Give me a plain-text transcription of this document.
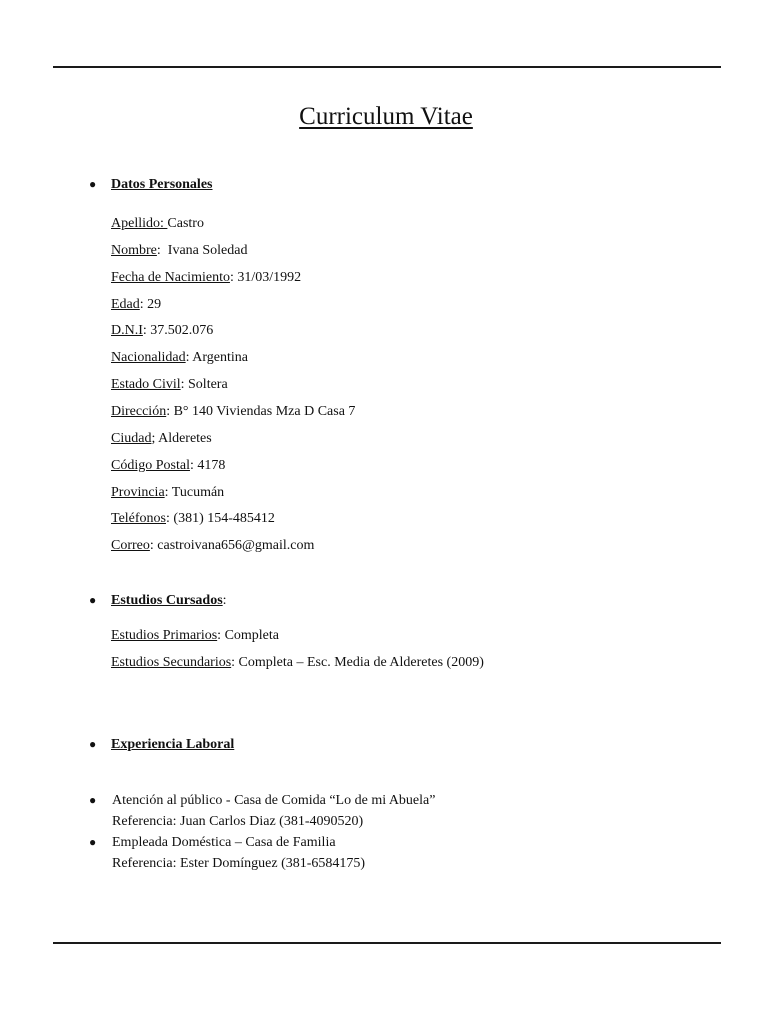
Curriculum Vitae
● Datos Personales
Apellido: Castro
Nombre:  Ivana Soledad
Fecha de Nacimiento: 31/03/1992
Edad: 29
D.N.I: 37.502.076
Nacionalidad: Argentina
Estado Civil: Soltera
Dirección: B° 140 Viviendas Mza D Casa 7
Ciudad; Alderetes
Código Postal: 4178
Provincia: Tucumán
Teléfonos: (381) 154-485412
Correo: castroivana656@gmail.com
● Estudios Cursados:
Estudios Primarios: Completa
Estudios Secundarios: Completa – Esc. Media de Alderetes (2009)
● Experiencia Laboral
● Atención al público - Casa de Comida “Lo de mi Abuela”
Referencia: Juan Carlos Diaz (381-4090520)
● Empleada Doméstica – Casa de Familia
Referencia: Ester Domínguez (381-6584175)
